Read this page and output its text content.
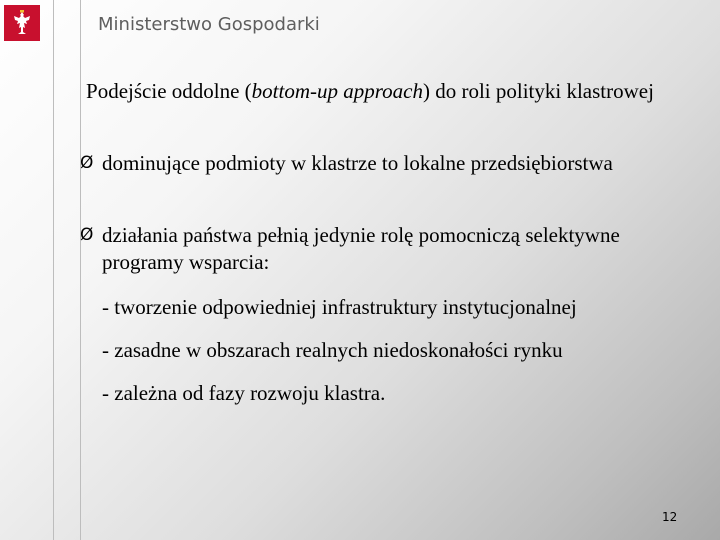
Ministerstwo Gospodarki
Podejście oddolne (bottom-up approach) do roli polityki klastrowej
Ø dominujące podmioty w klastrze to lokalne przedsiębiorstwa
Ø działania państwa pełnią jedynie rolę pomocniczą selektywne programy wsparcia:
- tworzenie odpowiedniej infrastruktury instytucjonalnej
- zasadne w obszarach realnych niedoskonałości rynku
- zależna od fazy rozwoju klastra.
12
